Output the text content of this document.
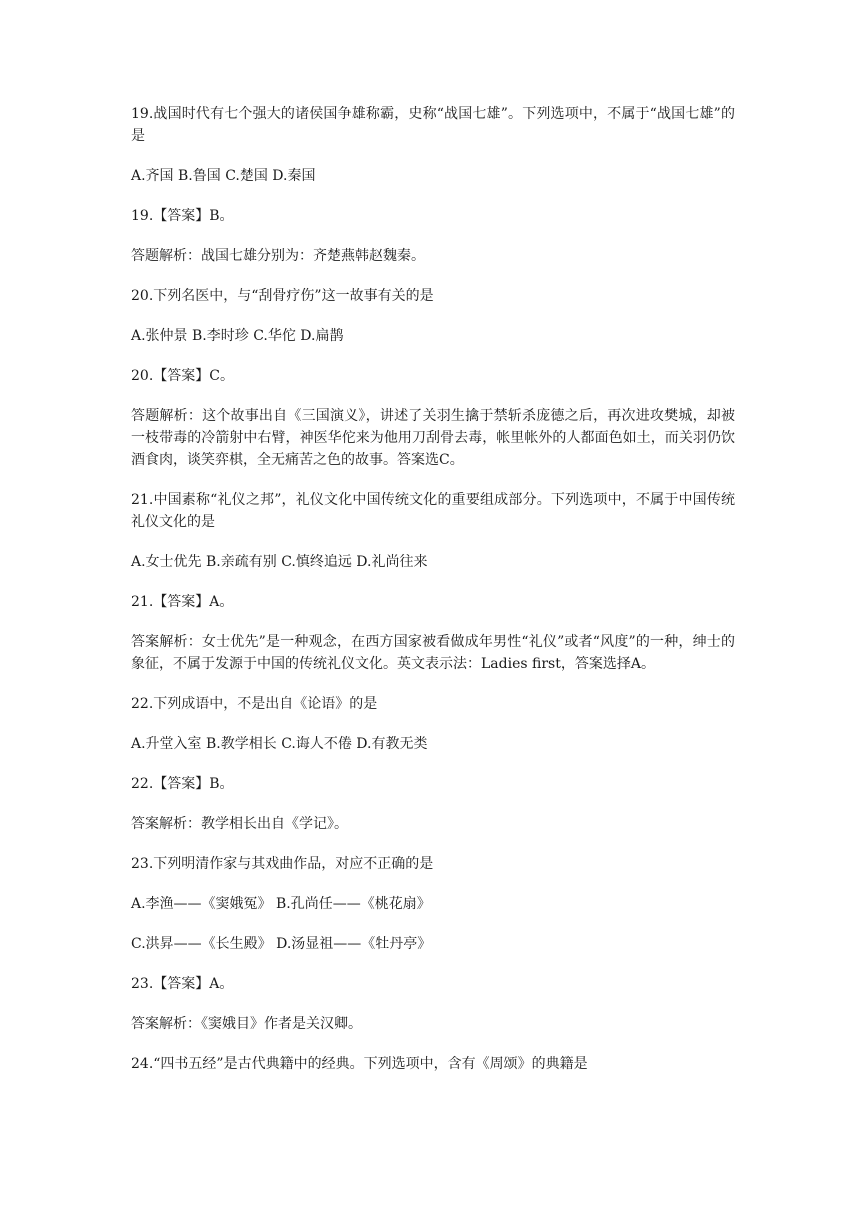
19.战国时代有七个强大的诸侯国争雄称霸，史称“战国七雄”。下列选项中，不属于“战国七雄”的是

A.齐国 B.鲁国 C.楚国 D.秦国

19.【答案】B。

答题解析：战国七雄分别为：齐楚燕韩赵魏秦。

20.下列名医中，与“刮骨疗伤”这一故事有关的是

A.张仲景 B.李时珍 C.华佗 D.扁鹊

20.【答案】C。

答题解析：这个故事出自《三国演义》，讲述了关羽生擒于禁斩杀庞德之后，再次进攻樊城，却被一枝带毒的冷箭射中右臂，神医华佗来为他用刀刮骨去毒，帐里帐外的人都面色如土，而关羽仍饮酒食肉，谈笑弈棋，全无痛苦之色的故事。答案选C。

21.中国素称“礼仪之邦”，礼仪文化中国传统文化的重要组成部分。下列选项中，不属于中国传统礼仪文化的是

A.女士优先 B.亲疏有别 C.慎终追远 D.礼尚往来

21.【答案】A。

答案解析：女士优先”是一种观念，在西方国家被看做成年男性“礼仪”或者“风度”的一种，绅士的象征，不属于发源于中国的传统礼仪文化。英文表示法：Ladies first，答案选择A。

22.下列成语中，不是出自《论语》的是

A.升堂入室 B.教学相长 C.诲人不倦 D.有教无类

22.【答案】B。

答案解析：教学相长出自《学记》。

23.下列明清作家与其戏曲作品，对应不正确的是

A.李渔——《窦娥冤》 B.孔尚任——《桃花扇》

C.洪昇——《长生殿》 D.汤显祖——《牡丹亭》

23.【答案】A。

答案解析：《窦娥目》作者是关汉卿。

24.“四书五经”是古代典籍中的经典。下列选项中，含有《周颂》的典籍是
